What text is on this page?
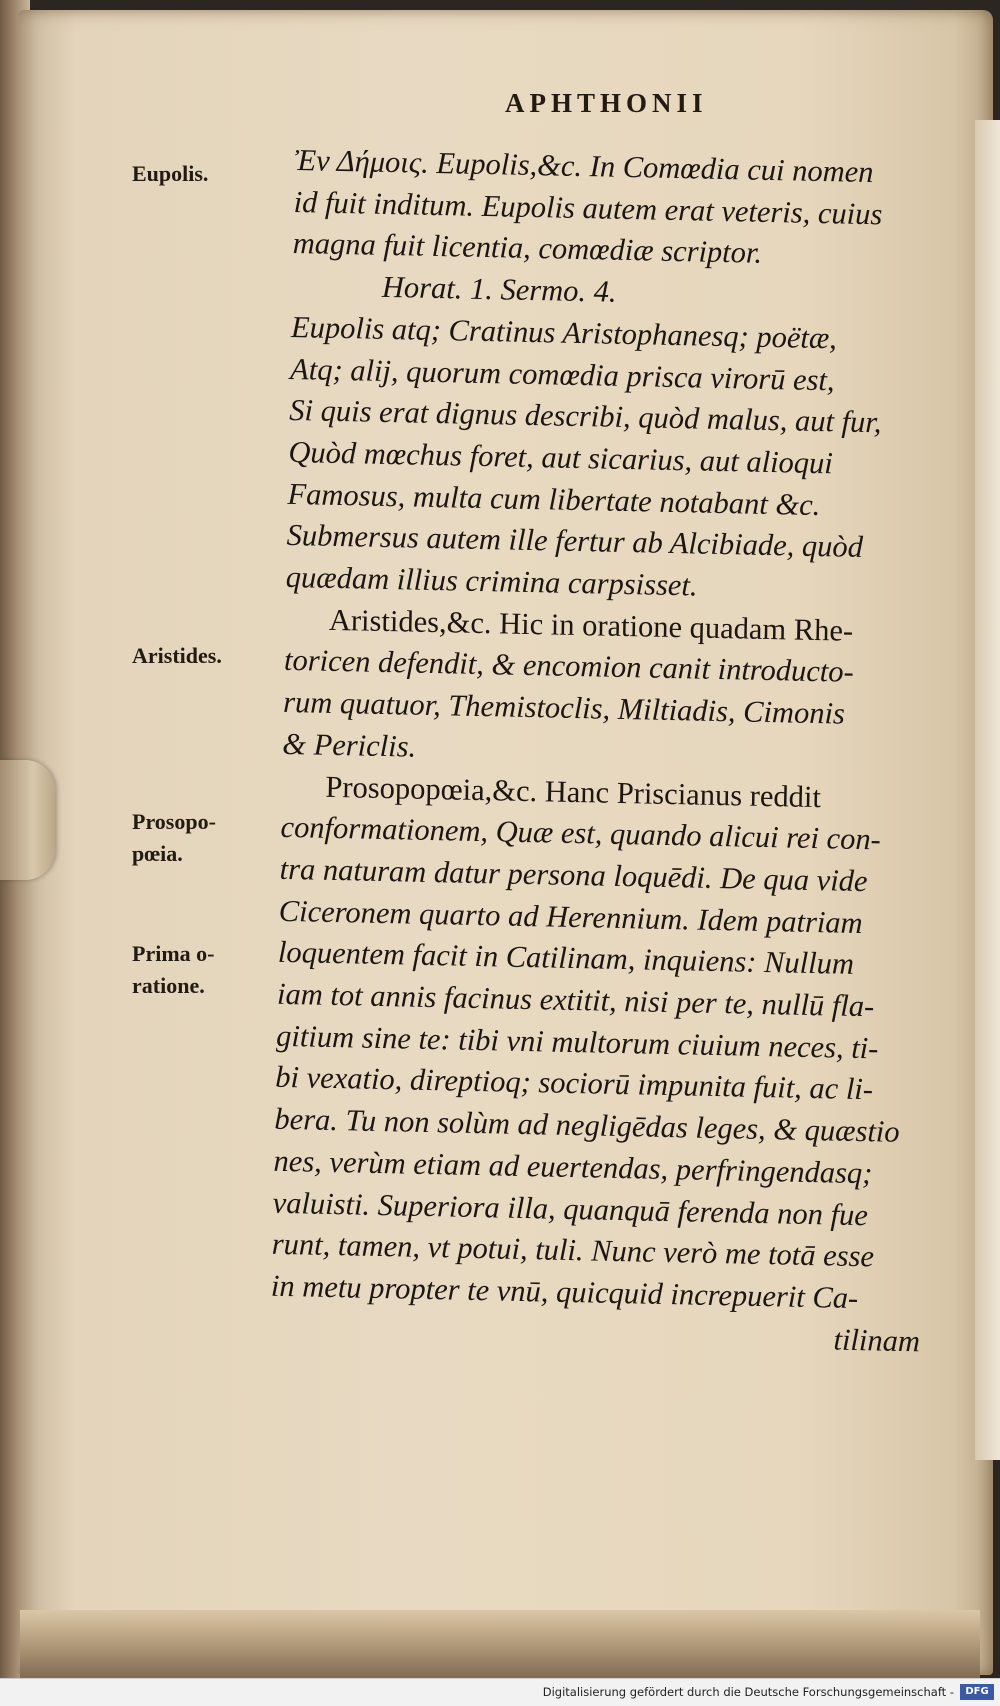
APHTHONII
Eupolis.
Aristides.
Prosopo-
pœia.
Prima o-
ratione.
Ἐν Δήμοις. Eupolis,&c. In Comœdia cui nomen
id fuit inditum. Eupolis autem erat veteris, cuius
magna fuit licentia, comœdiæ scriptor.
Horat. 1. Sermo. 4.
Eupolis atq; Cratinus Aristophanesq; poëtæ,
Atq; alij, quorum comœdia prisca virorū est,
Si quis erat dignus describi, quòd malus, aut fur,
Quòd mœchus foret, aut sicarius, aut alioqui
Famosus, multa cum libertate notabant &c.
Submersus autem ille fertur ab Alcibiade, quòd
quædam illius crimina carpsisset.
Aristides,&c. Hic in oratione quadam Rhe-
toricen defendit, & encomion canit introducto-
rum quatuor, Themistoclis, Miltiadis, Cimonis
& Periclis.
Prosopopœia,&c. Hanc Priscianus reddit
conformationem, Quæ est, quando alicui rei con-
tra naturam datur persona loquēdi. De qua vide
Ciceronem quarto ad Herennium. Idem patriam
loquentem facit in Catilinam, inquiens: Nullum
iam tot annis facinus extitit, nisi per te, nullū fla-
gitium sine te: tibi vni multorum ciuium neces, ti-
bi vexatio, direptioq; sociorū impunita fuit, ac li-
bera. Tu non solùm ad negligēdas leges, & quæstio
nes, verùm etiam ad euertendas, perfringendasq;
valuisti. Superiora illa, quanquā ferenda non fue
runt, tamen, vt potui, tuli. Nunc verò me totā esse
in metu propter te vnū, quicquid increpuerit Ca-
tilinam
Digitalisierung gefördert durch die Deutsche Forschungsgemeinschaft -	DFG
